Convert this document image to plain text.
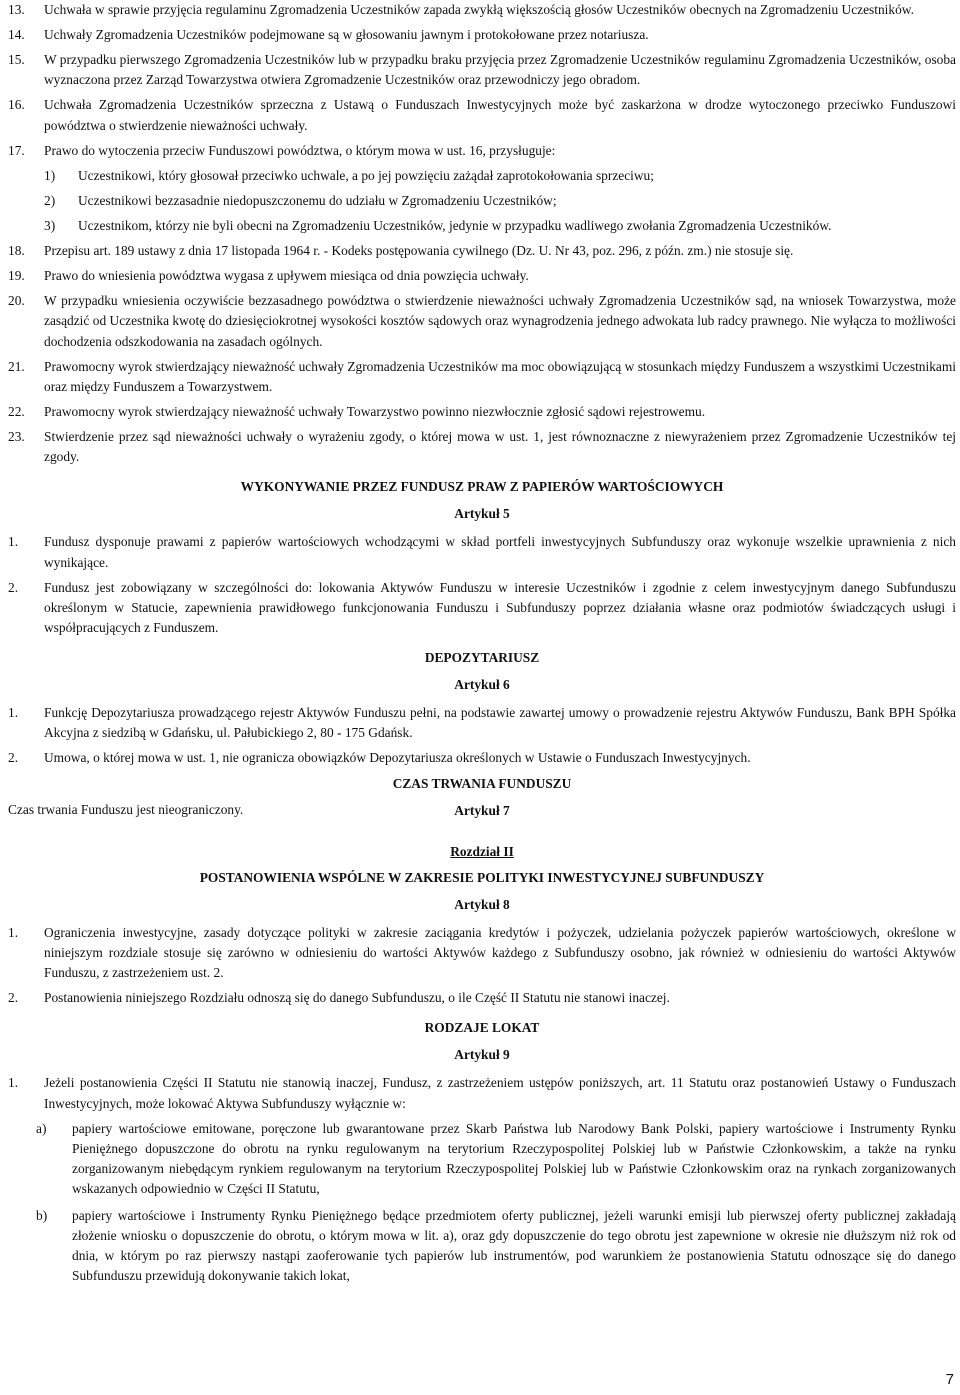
13. Uchwała w sprawie przyjęcia regulaminu Zgromadzenia Uczestników zapada zwykłą większością głosów Uczestników obecnych na Zgromadzeniu Uczestników.
14. Uchwały Zgromadzenia Uczestników podejmowane są w głosowaniu jawnym i protokołowane przez notariusza.
15. W przypadku pierwszego Zgromadzenia Uczestników lub w przypadku braku przyjęcia przez Zgromadzenie Uczestników regulaminu Zgromadzenia Uczestników, osoba wyznaczona przez Zarząd Towarzystwa otwiera Zgromadzenie Uczestników oraz przewodniczy jego obradom.
16. Uchwała Zgromadzenia Uczestników sprzeczna z Ustawą o Funduszach Inwestycyjnych może być zaskarżona w drodze wytoczonego przeciwko Funduszowi powództwa o stwierdzenie nieważności uchwały.
17. Prawo do wytoczenia przeciw Funduszowi powództwa, o którym mowa w ust. 16, przysługuje:
1) Uczestnikowi, który głosował przeciwko uchwale, a po jej powzięciu zażądał zaprotokołowania sprzeciwu;
2) Uczestnikowi bezzasadnie niedopuszczonemu do udziału w Zgromadzeniu Uczestników;
3) Uczestnikom, którzy nie byli obecni na Zgromadzeniu Uczestników, jedynie w przypadku wadliwego zwołania Zgromadzenia Uczestników.
18. Przepisu art. 189 ustawy z dnia 17 listopada 1964 r. - Kodeks postępowania cywilnego (Dz. U. Nr 43, poz. 296, z późn. zm.) nie stosuje się.
19. Prawo do wniesienia powództwa wygasa z upływem miesiąca od dnia powzięcia uchwały.
20. W przypadku wniesienia oczywiście bezzasadnego powództwa o stwierdzenie nieważności uchwały Zgromadzenia Uczestników sąd, na wniosek Towarzystwa, może zasądzić od Uczestnika kwotę do dziesięciokrotnej wysokości kosztów sądowych oraz wynagrodzenia jednego adwokata lub radcy prawnego. Nie wyłącza to możliwości dochodzenia odszkodowania na zasadach ogólnych.
21. Prawomocny wyrok stwierdzający nieważność uchwały Zgromadzenia Uczestników ma moc obowiązującą w stosunkach między Funduszem a wszystkimi Uczestnikami oraz między Funduszem a Towarzystwem.
22. Prawomocny wyrok stwierdzający nieważność uchwały Towarzystwo powinno niezwłocznie zgłosić sądowi rejestrowemu.
23. Stwierdzenie przez sąd nieważności uchwały o wyrażeniu zgody, o której mowa w ust. 1, jest równoznaczne z niewyrażeniem przez Zgromadzenie Uczestników tej zgody.
WYKONYWANIE PRZEZ FUNDUSZ PRAW Z PAPIERÓW WARTOŚCIOWYCH
Artykuł 5
1. Fundusz dysponuje prawami z papierów wartościowych wchodzącymi w skład portfeli inwestycyjnych Subfunduszy oraz wykonuje wszelkie uprawnienia z nich wynikające.
2. Fundusz jest zobowiązany w szczególności do: lokowania Aktywów Funduszu w interesie Uczestników i zgodnie z celem inwestycyjnym danego Subfunduszu określonym w Statucie, zapewnienia prawidłowego funkcjonowania Funduszu i Subfunduszy poprzez działania własne oraz podmiotów świadczących usługi i współpracujących z Funduszem.
DEPOZYTARIUSZ
Artykuł 6
1. Funkcję Depozytariusza prowadzącego rejestr Aktywów Funduszu pełni, na podstawie zawartej umowy o prowadzenie rejestru Aktywów Funduszu, Bank BPH Spółka Akcyjna z siedzibą w Gdańsku, ul. Pałubickiego 2, 80 - 175 Gdańsk.
2. Umowa, o której mowa w ust. 1, nie ogranicza obowiązków Depozytariusza określonych w Ustawie o Funduszach Inwestycyjnych.
CZAS TRWANIA FUNDUSZU
Artykuł 7
Czas trwania Funduszu jest nieograniczony.
Rozdział II
POSTANOWIENIA WSPÓLNE W ZAKRESIE POLITYKI INWESTYCYJNEJ SUBFUNDUSZY
Artykuł 8
1. Ograniczenia inwestycyjne, zasady dotyczące polityki w zakresie zaciągania kredytów i pożyczek, udzielania pożyczek papierów wartościowych, określone w niniejszym rozdziale stosuje się zarówno w odniesieniu do wartości Aktywów każdego z Subfunduszy osobno, jak również w odniesieniu do wartości Aktywów Funduszu, z zastrzeżeniem ust. 2.
2. Postanowienia niniejszego Rozdziału odnoszą się do danego Subfunduszu, o ile Część II Statutu nie stanowi inaczej.
RODZAJE LOKAT
Artykuł 9
1. Jeżeli postanowienia Części II Statutu nie stanowią inaczej, Fundusz, z zastrzeżeniem ustępów poniższych, art. 11 Statutu oraz postanowień Ustawy o Funduszach Inwestycyjnych, może lokować Aktywa Subfunduszy wyłącznie w:
a) papiery wartościowe emitowane, poręczone lub gwarantowane przez Skarb Państwa lub Narodowy Bank Polski, papiery wartościowe i Instrumenty Rynku Pieniężnego dopuszczone do obrotu na rynku regulowanym na terytorium Rzeczypospolitej Polskiej lub w Państwie Członkowskim, a także na rynku zorganizowanym niebędącym rynkiem regulowanym na terytorium Rzeczypospolitej Polskiej lub w Państwie Członkowskim oraz na rynkach zorganizowanych wskazanych odpowiednio w Części II Statutu,
b) papiery wartościowe i Instrumenty Rynku Pieniężnego będące przedmiotem oferty publicznej, jeżeli warunki emisji lub pierwszej oferty publicznej zakładają złożenie wniosku o dopuszczenie do obrotu, o którym mowa w lit. a), oraz gdy dopuszczenie do tego obrotu jest zapewnione w okresie nie dłuższym niż rok od dnia, w którym po raz pierwszy nastąpi zaoferowanie tych papierów lub instrumentów, pod warunkiem że postanowienia Statutu odnoszące się do danego Subfunduszu przewidują dokonywanie takich lokat,
7
